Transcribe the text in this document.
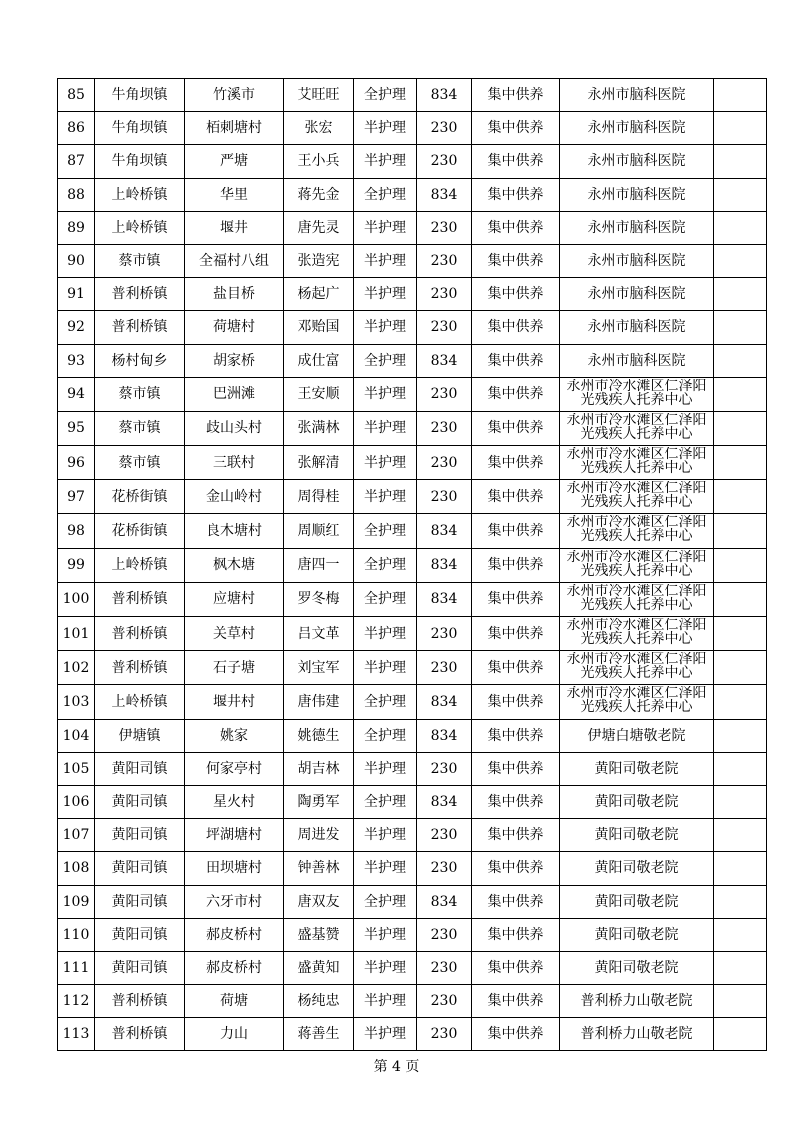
85	牛角坝镇	竹溪市	艾旺旺	全护理	834	集中供养	永州市脑科医院	
86	牛角坝镇	栢刺塘村	张宏	半护理	230	集中供养	永州市脑科医院	
87	牛角坝镇	严塘	王小兵	半护理	230	集中供养	永州市脑科医院	
88	上岭桥镇	华里	蒋先金	全护理	834	集中供养	永州市脑科医院	
89	上岭桥镇	堰井	唐先灵	半护理	230	集中供养	永州市脑科医院	
90	蔡市镇	全福村八组	张造宪	半护理	230	集中供养	永州市脑科医院	
91	普利桥镇	盐目桥	杨起广	半护理	230	集中供养	永州市脑科医院	
92	普利桥镇	荷塘村	邓贻国	半护理	230	集中供养	永州市脑科医院	
93	杨村甸乡	胡家桥	成仕富	全护理	834	集中供养	永州市脑科医院	
94	蔡市镇	巴洲滩	王安顺	半护理	230	集中供养	永州市冷水滩区仁泽阳光残疾人托养中心	

95	蔡市镇	歧山头村	张满林	半护理	230	集中供养	永州市冷水滩区仁泽阳光残疾人托养中心	

96	蔡市镇	三联村	张解清	半护理	230	集中供养	永州市冷水滩区仁泽阳光残疾人托养中心	

97	花桥街镇	金山岭村	周得桂	半护理	230	集中供养	永州市冷水滩区仁泽阳光残疾人托养中心	

98	花桥街镇	良木塘村	周顺红	全护理	834	集中供养	永州市冷水滩区仁泽阳光残疾人托养中心	

99	上岭桥镇	枫木塘	唐四一	全护理	834	集中供养	永州市冷水滩区仁泽阳光残疾人托养中心	

100	普利桥镇	应塘村	罗冬梅	全护理	834	集中供养	永州市冷水滩区仁泽阳光残疾人托养中心	

101	普利桥镇	关草村	吕文革	半护理	230	集中供养	永州市冷水滩区仁泽阳光残疾人托养中心	

102	普利桥镇	石子塘	刘宝军	半护理	230	集中供养	永州市冷水滩区仁泽阳光残疾人托养中心	

103	上岭桥镇	堰井村	唐伟建	全护理	834	集中供养	永州市冷水滩区仁泽阳光残疾人托养中心	

104	伊塘镇	姚家	姚德生	全护理	834	集中供养	伊塘白塘敬老院	
105	黄阳司镇	何家亭村	胡吉林	半护理	230	集中供养	黄阳司敬老院	
106	黄阳司镇	星火村	陶勇军	全护理	834	集中供养	黄阳司敬老院	
107	黄阳司镇	坪湖塘村	周进发	半护理	230	集中供养	黄阳司敬老院	
108	黄阳司镇	田坝塘村	钟善林	半护理	230	集中供养	黄阳司敬老院	
109	黄阳司镇	六牙市村	唐双友	全护理	834	集中供养	黄阳司敬老院	
110	黄阳司镇	郝皮桥村	盛基赞	半护理	230	集中供养	黄阳司敬老院	
111	黄阳司镇	郝皮桥村	盛黄知	半护理	230	集中供养	黄阳司敬老院	
112	普利桥镇	荷塘	杨纯忠	半护理	230	集中供养	普利桥力山敬老院	
113	普利桥镇	力山	蒋善生	半护理	230	集中供养	普利桥力山敬老院	
第 4 页
